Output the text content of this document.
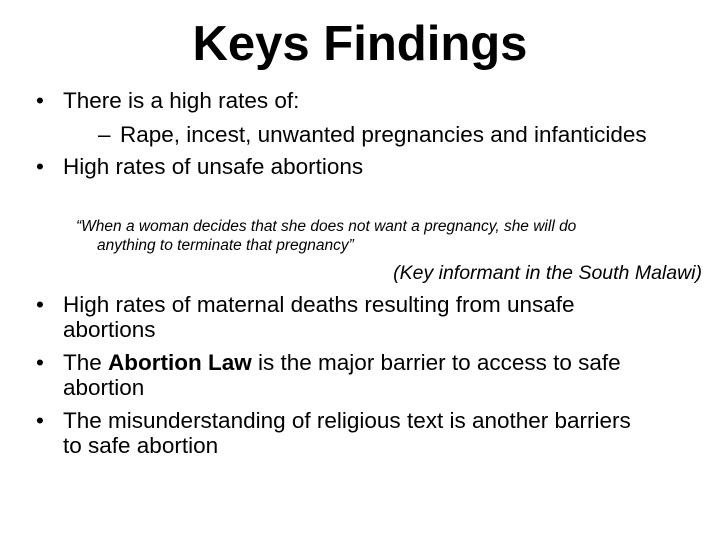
Keys Findings
• There is a high rates of:
– Rape, incest, unwanted pregnancies and infanticides
• High rates of unsafe abortions
“When a woman decides that she does not want a pregnancy, she will do
anything to terminate that pregnancy”
(Key informant in the South Malawi)
• High rates of maternal deaths resulting from unsafe
abortions
• The Abortion Law is the major barrier to access to safe
abortion
• The misunderstanding of religious text is another barriers
to safe abortion
